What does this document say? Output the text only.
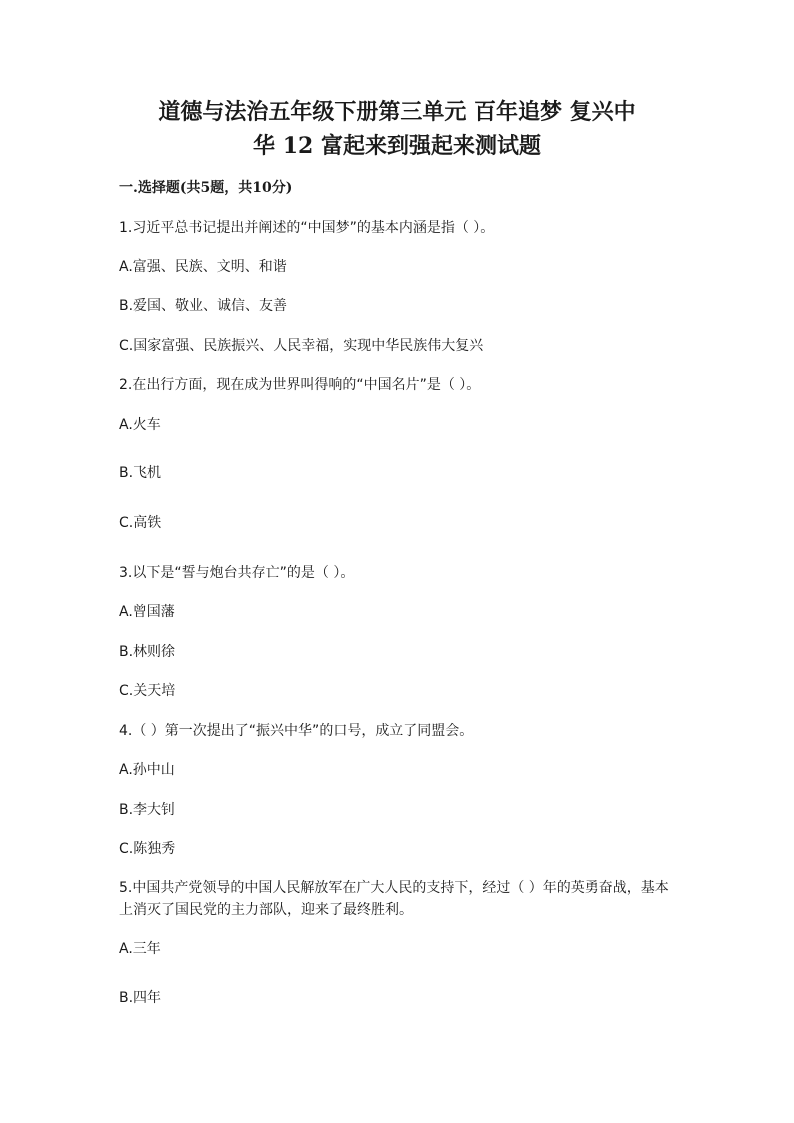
道德与法治五年级下册第三单元 百年追梦 复兴中
华 12 富起来到强起来测试题

一.选择题(共5题，共10分)

1.习近平总书记提出并阐述的“中国梦”的基本内涵是指（ ）。

A.富强、民族、文明、和谐

B.爱国、敬业、诚信、友善

C.国家富强、民族振兴、人民幸福，实现中华民族伟大复兴

2.在出行方面，现在成为世界叫得响的“中国名片”是（ ）。

A.火车

B.飞机

C.高铁

3.以下是“誓与炮台共存亡”的是（ ）。

A.曾国藩

B.林则徐

C.关天培

4.（ ）第一次提出了“振兴中华”的口号，成立了同盟会。

A.孙中山

B.李大钊

C.陈独秀

5.中国共产党领导的中国人民解放军在广大人民的支持下，经过（ ）年的英勇奋战，基本上消灭了国民党的主力部队，迎来了最终胜利。

A.三年

B.四年
